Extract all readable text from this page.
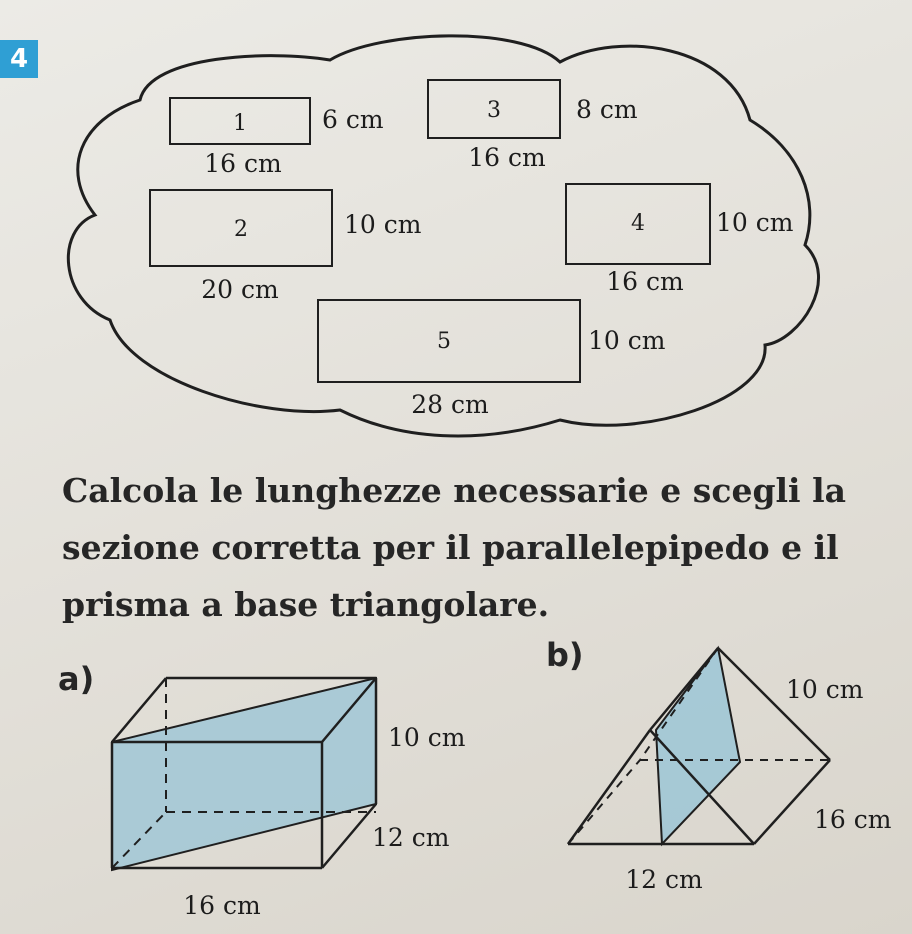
4
1	6 cm
16 cm
3	8 cm
16 cm
2	10 cm
20 cm
4	10 cm
16 cm
5	10 cm
28 cm
10 cm
12 cm
16 cm
10 cm
16 cm
12 cm

Calcola le lunghezze necessarie e scegli la sezione corretta per il parallelepipedo e il prisma a base triangolare.

a)
b)
